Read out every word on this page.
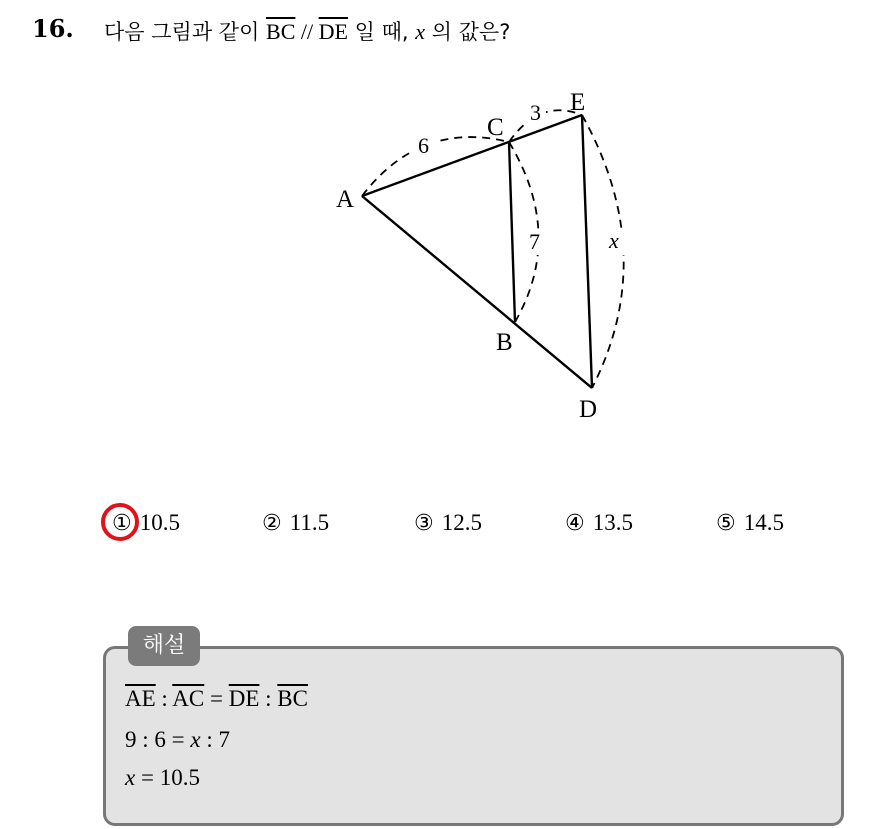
16. 다음 그림과 같이 $\overline{BC} // \overline{DE}$ 일 때, x 의 값은?
A
C
E
B
D
6
3
7	x
① 10.5	② 11.5	③ 12.5	④ 13.5	⑤ 14.5
해설
$\overline{AE}$ : $\overline{AC} = \overline{DE}$ : $\overline{BC}$
9 : 6 = x : 7
x = 10.5
